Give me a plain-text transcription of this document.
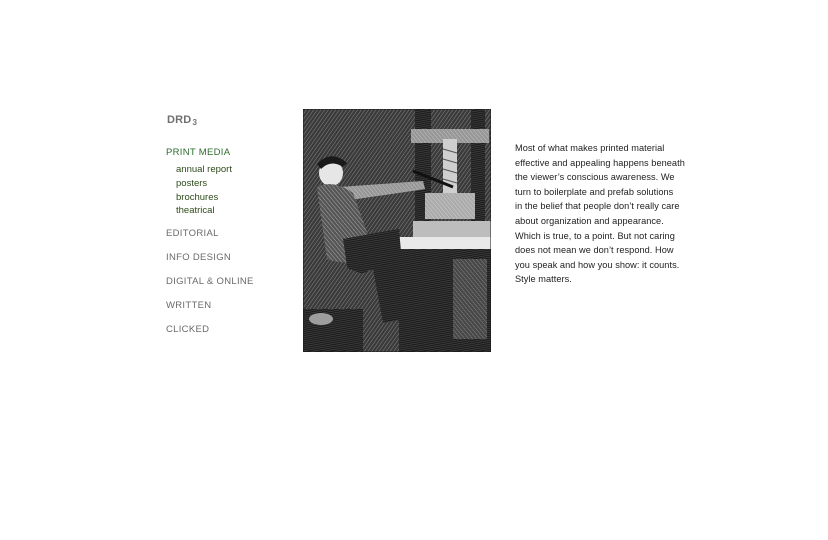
DRD3
PRINT MEDIA
annual report
posters
brochures
theatrical
EDITORIAL
INFO DESIGN
DIGITAL & ONLINE
WRITTEN
CLICKED
Most of what makes printed material
effective and appealing happens beneath
the viewer’s conscious awareness. We
turn to boilerplate and prefab solutions
in the belief that people don’t really care
about organization and appearance.
Which is true, to a point. But not caring
does not mean we don’t respond. How
you speak and how you show: it counts.
Style matters.
